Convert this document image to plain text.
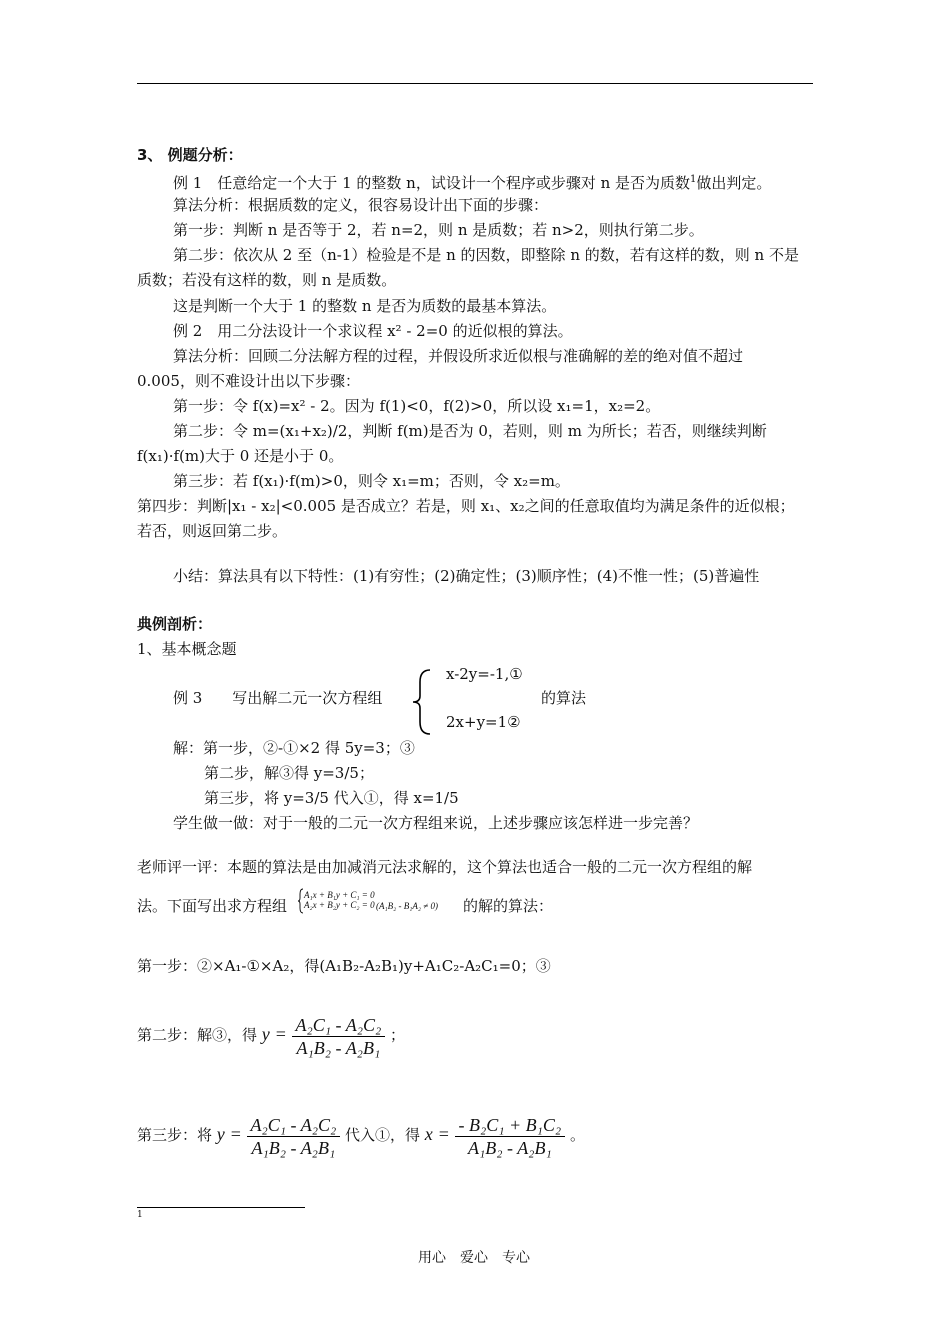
3、 例题分析：
例 1　任意给定一个大于 1 的整数 n，试设计一个程序或步骤对 n 是否为质数$^1$做出判定。
算法分析：根据质数的定义，很容易设计出下面的步骤：
第一步：判断 n 是否等于 2，若 n=2，则 n 是质数；若 n>2，则执行第二步。
第二步：依次从 2 至（n-1）检验是不是 n 的因数，即整除 n 的数，若有这样的数，则 n 不是
质数；若没有这样的数，则 n 是质数。
这是判断一个大于 1 的整数 n 是否为质数的最基本算法。
例 2　用二分法设计一个求议程 x² - 2=0 的近似根的算法。
算法分析：回顾二分法解方程的过程，并假设所求近似根与准确解的差的绝对值不超过
0.005，则不难设计出以下步骤：
第一步：令 f(x)=x² - 2。因为 f(1)<0，f(2)>0，所以设 x₁=1，x₂=2。
第二步：令 m=(x₁+x₂)/2，判断 f(m)是否为 0，若则，则 m 为所长；若否，则继续判断
f(x₁)·f(m)大于 0 还是小于 0。
第三步：若 f(x₁)·f(m)>0，则令 x₁=m；否则，令 x₂=m。
第四步：判断|x₁ - x₂|<0.005 是否成立？若是，则 x₁、x₂之间的任意取值均为满足条件的近似根；
若否，则返回第二步。
小结：算法具有以下特性：(1)有穷性；(2)确定性；(3)顺序性；(4)不惟一性；(5)普遍性
典例剖析：
1、基本概念题
例 3　　写出解二元一次方程组
x-2y=-1,①
的算法
2x+y=1②
解：第一步，②-①×2 得 5y=3；③
第二步，解③得 y=3/5；
第三步，将 y=3/5 代入①，得 x=1/5
学生做一做：对于一般的二元一次方程组来说，上述步骤应该怎样进一步完善？
老师评一评：本题的算法是由加减消元法求解的，这个算法也适合一般的二元一次方程组的解
法。下面写出求方程组
A₁x + B₁y + C₁ = 0
A₂x + B₂y + C₂ = 0 (A₁B₂ - B₁A₂ ≠ 0) 的解的算法：
第一步：②×A₁-①×A₂，得(A₁B₂-A₂B₁)y+A₁C₂-A₂C₁=0；③
第二步：解③，得 $y = \frac{\text{A₂C₁ - A₂C₂}}{\text{A₁B₂ - A₂B₁}}$ ；
第三步：将 $y = \frac{\text{A₂C₁ - A₂C₂}}{\text{A₁B₂ - A₂B₁}}$ 代入①，得 $x = \frac{\text{- B₂C₁ + B₁C₂}}{\text{A₁B₂ - A₂B₁}}$ 。
1
用心　爱心　专心
